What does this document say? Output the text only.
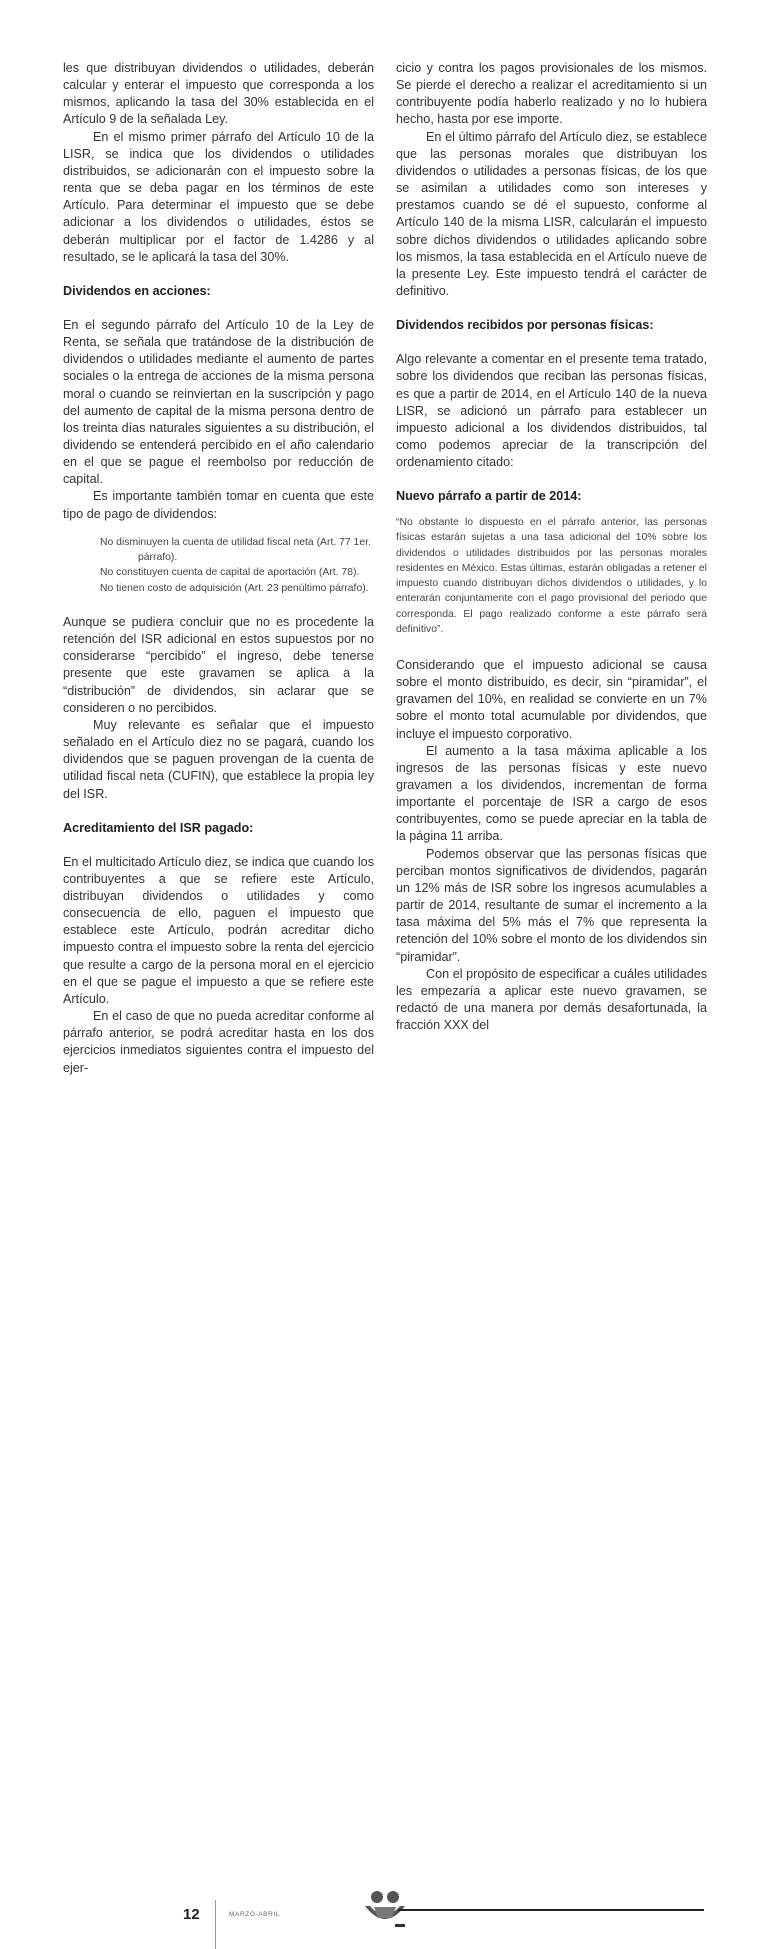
les que distribuyan dividendos o utilidades, deberán calcular y enterar el impuesto que corresponda a los mismos, aplicando la tasa del 30% establecida en el Artículo 9 de la señalada Ley.

En el mismo primer párrafo del Artículo 10 de la LISR, se indica que los dividendos o utilidades distribuidos, se adicionarán con el impuesto sobre la renta que se deba pagar en los términos de este Artículo. Para determinar el impuesto que se debe adicionar a los dividendos o utilidades, éstos se deberán multiplicar por el factor de 1.4286 y al resultado, se le aplicará la tasa del 30%.

Dividendos en acciones:

En el segundo párrafo del Artículo 10 de la Ley de Renta, se señala que tratándose de la distribución de dividendos o utilidades mediante el aumento de partes sociales o la entrega de acciones de la misma persona moral o cuando se reinviertan en la suscripción y pago del aumento de capital de la misma persona dentro de los treinta días naturales siguientes a su distribución, el dividendo se entenderá percibido en el año calendario en el que se pague el reembolso por reducción de capital.

Es importante también tomar en cuenta que este tipo de pago de dividendos:

No disminuyen la cuenta de utilidad fiscal neta (Art. 77 1er. párrafo).
No constituyen cuenta de capital de aportación (Art. 78).
No tienen costo de adquisición (Art. 23 penúltimo párrafo).

Aunque se pudiera concluir que no es procedente la retención del ISR adicional en estos supuestos por no considerarse “percibido” el ingreso, debe tenerse presente que este gravamen se aplica a la “distribución” de dividendos, sin aclarar que se consideren o no percibidos.

Muy relevante es señalar que el impuesto señalado en el Artículo diez no se pagará, cuando los dividendos que se paguen provengan de la cuenta de utilidad fiscal neta (CUFIN), que establece la propia ley del ISR.

Acreditamiento del ISR pagado:

En el multicitado Artículo diez, se indica que cuando los contribuyentes a que se refiere este Artículo, distribuyan dividendos o utilidades y como consecuencia de ello, paguen el impuesto que establece este Artículo, podrán acreditar dicho impuesto contra el impuesto sobre la renta del ejercicio que resulte a cargo de la persona moral en el ejercicio en el que se pague el impuesto a que se refiere este Artículo.

En el caso de que no pueda acreditar conforme al párrafo anterior, se podrá acreditar hasta en los dos ejercicios inmediatos siguientes contra el impuesto del ejer-

cicio y contra los pagos provisionales de los mismos. Se pierde el derecho a realizar el acreditamiento si un contribuyente podía haberlo realizado y no lo hubiera hecho, hasta por ese importe.

En el último párrafo del Artículo diez, se establece que las personas morales que distribuyan los dividendos o utilidades a personas físicas, de los que se asimilan a utilidades como son intereses y prestamos cuando se dé el supuesto, conforme al Artículo 140 de la misma LISR, calcularán el impuesto sobre dichos dividendos o utilidades aplicando sobre los mismos, la tasa establecida en el Artículo nueve de la presente Ley. Este impuesto tendrá el carácter de definitivo.

Dividendos recibidos por personas físicas:

Algo relevante a comentar en el presente tema tratado, sobre los dividendos que reciban las personas físicas, es que a partir de 2014, en el Artículo 140 de la nueva LISR, se adicionó un párrafo para establecer un impuesto adicional a los dividendos distribuidos, tal como podemos apreciar de la transcripción del ordenamiento citado:

Nuevo párrafo a partir de 2014:

“No obstante lo dispuesto en el párrafo anterior, las personas físicas estarán sujetas a una tasa adicional del 10% sobre los dividendos o utilidades distribuidos por las personas morales residentes en México. Estas últimas, estarán obligadas a retener el impuesto cuando distribuyan dichos dividendos o utilidades, y lo enterarán conjuntamente con el pago provisional del periodo que corresponda. El pago realizado conforme a este párrafo será definitivo”.

Considerando que el impuesto adicional se causa sobre el monto distribuido, es decir, sin “piramidar”, el gravamen del 10%, en realidad se convierte en un 7% sobre el monto total acumulable por dividendos, que incluye el impuesto corporativo.

El aumento a la tasa máxima aplicable a los ingresos de las personas físicas y este nuevo gravamen a los dividendos, incrementan de forma importante el porcentaje de ISR a cargo de esos contribuyentes, como se puede apreciar en la tabla de la página 11 arriba.

Podemos observar que las personas físicas que perciban montos significativos de dividendos, pagarán un 12% más de ISR sobre los ingresos acumulables a partir de 2014, resultante de sumar el incremento a la tasa máxima del 5% más el 7% que representa la retención del 10% sobre el monto de los dividendos sin “piramidar”.

Con el propósito de especificar a cuáles utilidades les empezaría a aplicar este nuevo gravamen, se redactó de una manera por demás desafortunada, la fracción XXX del

12	MARZO-ABRIL
